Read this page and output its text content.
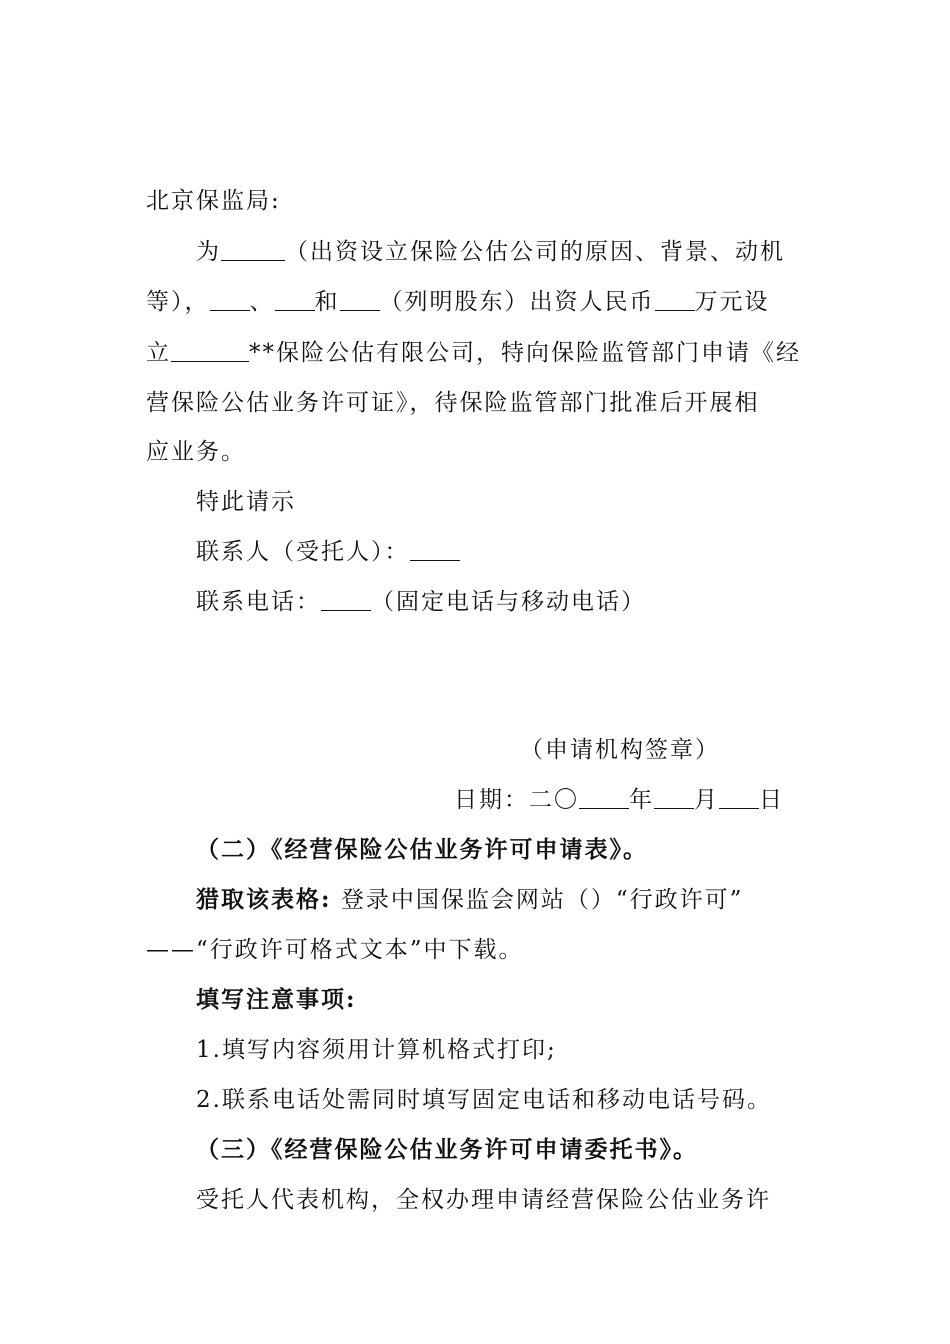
北京保监局:
为	（出资设立保险公估公司的原因、背景、动机
等）， 、 和 （列明股东）出资人民币 万元设
立	**保险公估有限公司，特向保险监管部门申请《经
营保险公估业务许可证》，待保险监管部门批准后开展相
应业务。
特此请示
联系人（受托人）：
联系电话： （固定电话与移动电话）
（申请机构签章）
日期：二〇 年 月 日
（二）《经营保险公估业务许可申请表》。
猎取该表格: 登录中国保监会网站（）“行政许可”
——“行政许可格式文本”中下载。
填写注意事项:
1.填写内容须用计算机格式打印;
2.联系电话处需同时填写固定电话和移动电话号码。
（三）《经营保险公估业务许可申请委托书》。
受托人代表机构，全权办理申请经营保险公估业务许
